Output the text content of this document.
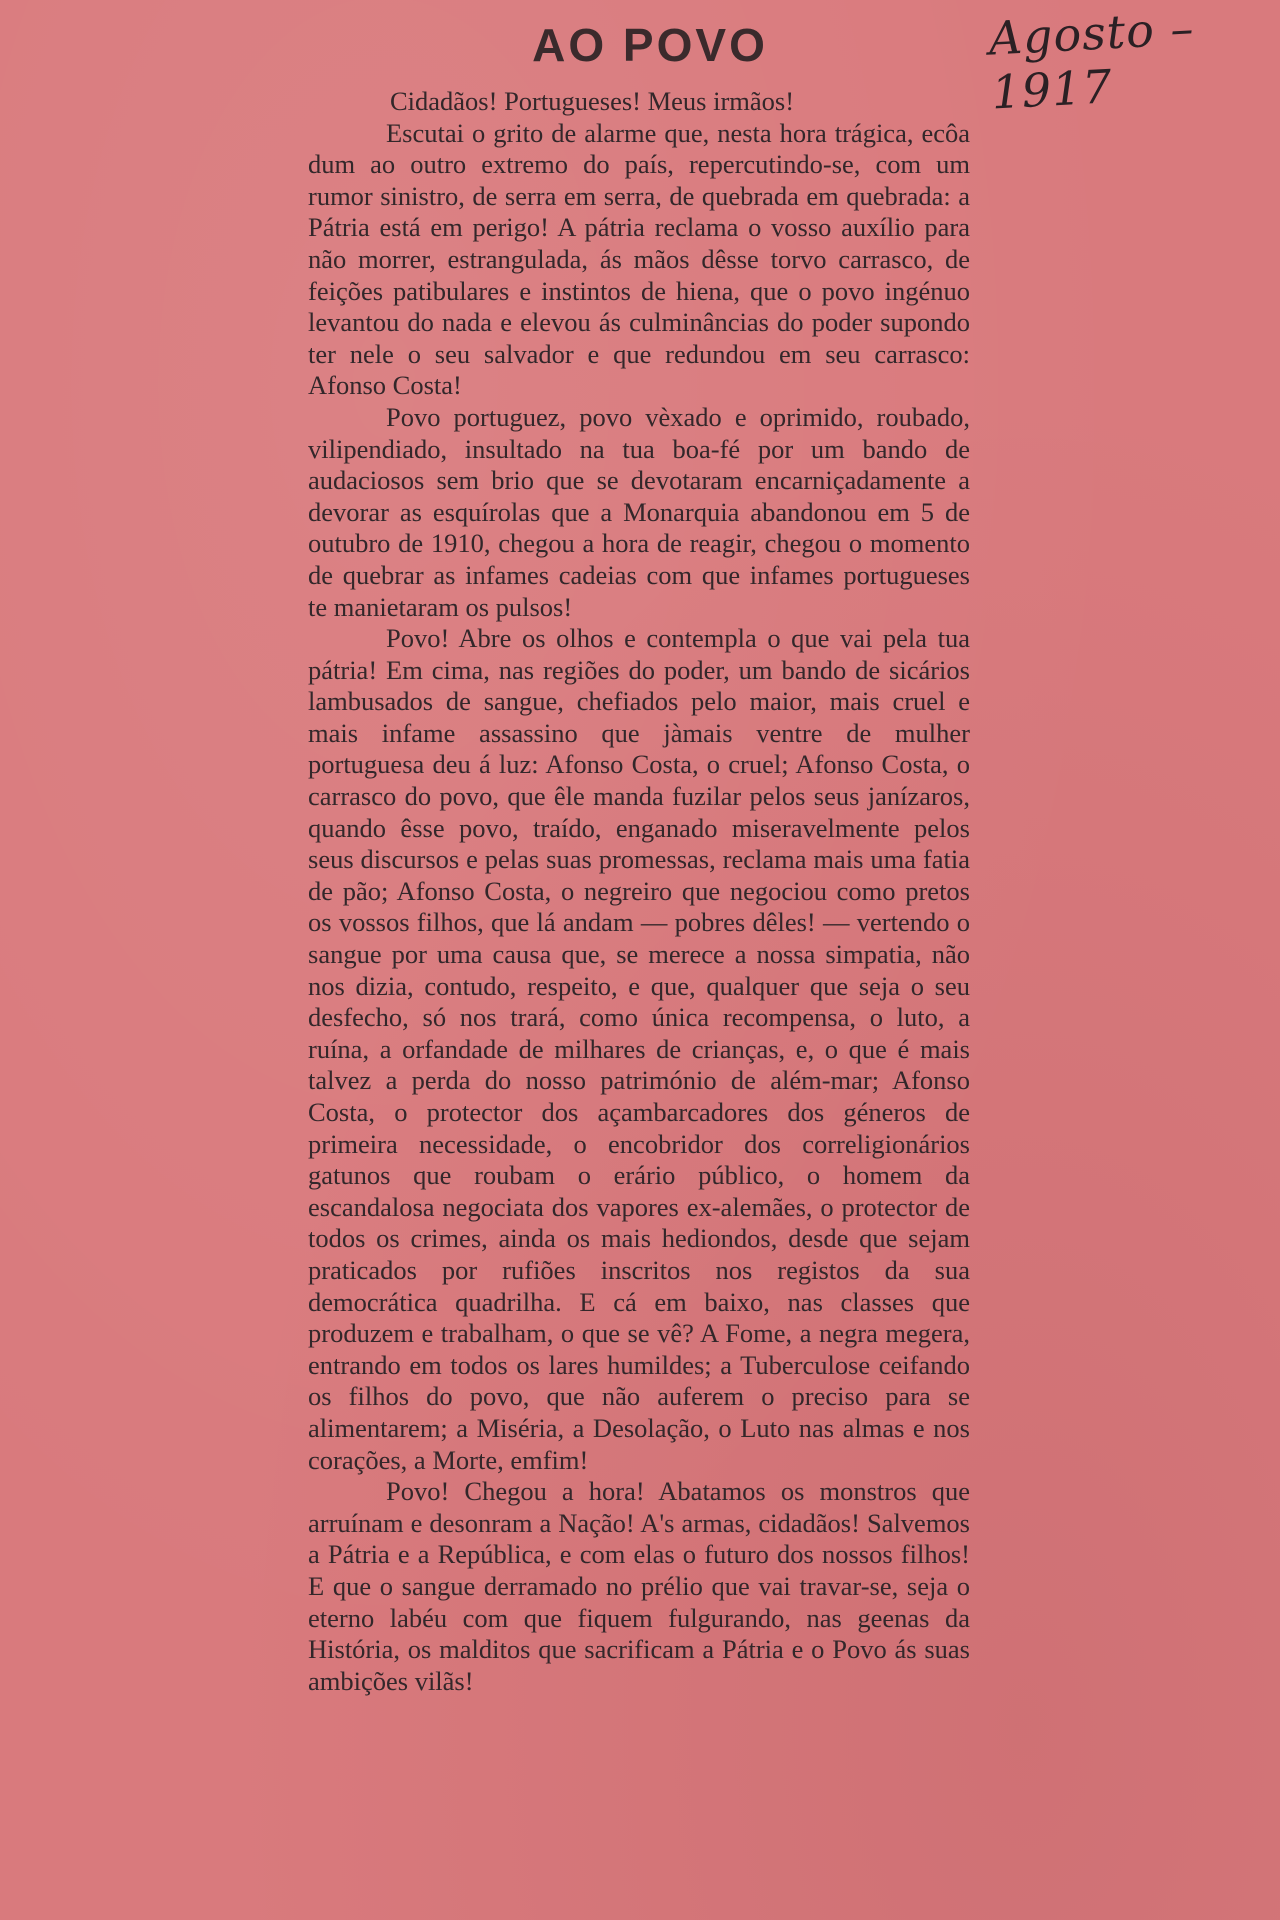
AO POVO	Agosto – 1917

Cidadãos! Portugueses! Meus irmãos!

Escutai o grito de alarme que, nesta hora trágica, ecôa dum ao outro extremo do país, repercutindo-se, com um rumor sinistro, de serra em serra, de quebrada em quebrada: a Pátria está em perigo! A pátria reclama o vosso auxílio para não morrer, estrangulada, ás mãos dêsse torvo carrasco, de feições patibulares e instintos de hiena, que o povo ingénuo levantou do nada e elevou ás culminâncias do poder supondo ter nele o seu salvador e que redundou em seu carrasco: Afonso Costa!

Povo portuguez, povo vèxado e oprimido, roubado, vilipendiado, insultado na tua boa-fé por um bando de audaciosos sem brio que se devotaram encarniçadamente a devorar as esquírolas que a Monarquia abandonou em 5 de outubro de 1910, chegou a hora de reagir, chegou o momento de quebrar as infames cadeias com que infames portugueses te manietaram os pulsos!

Povo! Abre os olhos e contempla o que vai pela tua pátria! Em cima, nas regiões do poder, um bando de sicários lambusados de sangue, chefiados pelo maior, mais cruel e mais infame assassino que jàmais ventre de mulher portuguesa deu á luz: Afonso Costa, o cruel; Afonso Costa, o carrasco do povo, que êle manda fuzilar pelos seus janízaros, quando êsse povo, traído, enganado miseravelmente pelos seus discursos e pelas suas promessas, reclama mais uma fatia de pão; Afonso Costa, o negreiro que negociou como pretos os vossos filhos, que lá andam — pobres dêles! — vertendo o sangue por uma causa que, se merece a nossa simpatia, não nos dizia, contudo, respeito, e que, qualquer que seja o seu desfecho, só nos trará, como única recompensa, o luto, a ruína, a orfandade de milhares de crianças, e, o que é mais talvez a perda do nosso património de além-mar; Afonso Costa, o protector dos açambarcadores dos géneros de primeira necessidade, o encobridor dos correligionários gatunos que roubam o erário público, o homem da escandalosa negociata dos vapores ex-alemães, o protector de todos os crimes, ainda os mais hediondos, desde que sejam praticados por rufiões inscritos nos registos da sua democrática quadrilha. E cá em baixo, nas classes que produzem e trabalham, o que se vê? A Fome, a negra megera, entrando em todos os lares humildes; a Tuberculose ceifando os filhos do povo, que não auferem o preciso para se alimentarem; a Miséria, a Desolação, o Luto nas almas e nos corações, a Morte, emfim!

Povo! Chegou a hora! Abatamos os monstros que arruínam e desonram a Nação! A's armas, cidadãos! Salvemos a Pátria e a República, e com elas o futuro dos nossos filhos! E que o sangue derramado no prélio que vai travar-se, seja o eterno labéu com que fiquem fulgurando, nas geenas da História, os malditos que sacrificam a Pátria e o Povo ás suas ambições vilãs!
